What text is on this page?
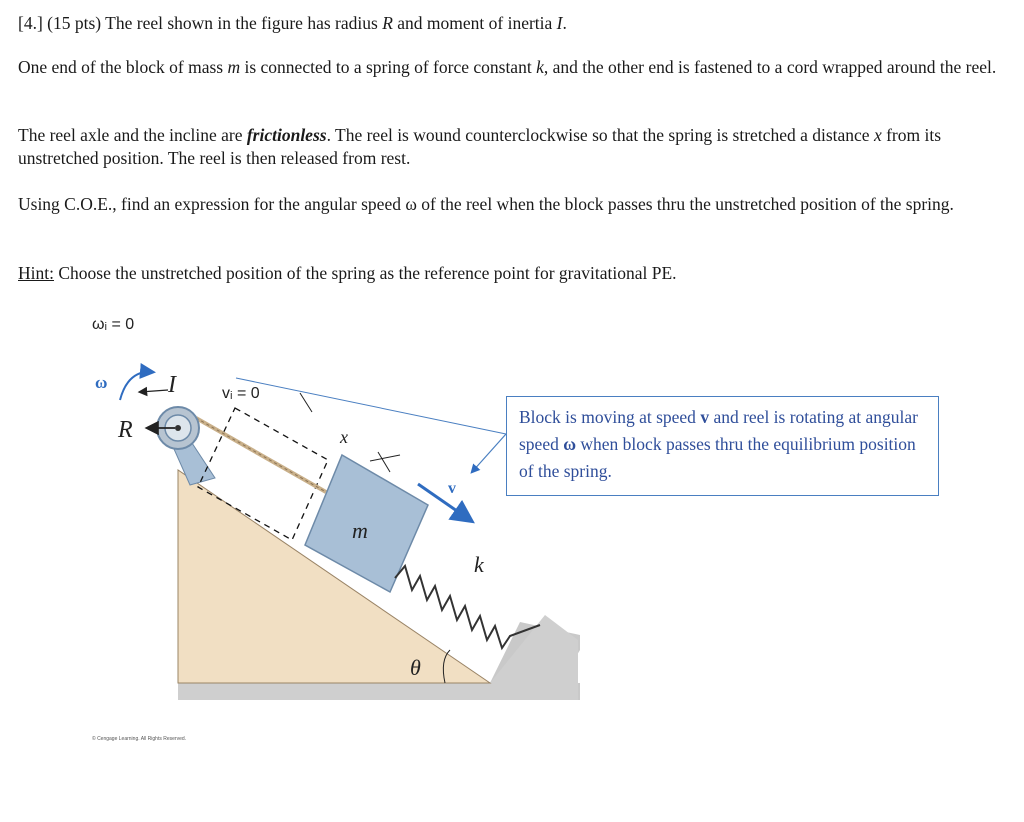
[4.] (15 pts) The reel shown in the figure has radius R and moment of inertia I.
One end of the block of mass m is connected to a spring of force constant k, and the other end is fastened to a cord wrapped around the reel.
The reel axle and the incline are frictionless. The reel is wound counterclockwise so that the spring is stretched a distance x from its unstretched position. The reel is then released from rest.
Using C.O.E., find an expression for the angular speed ω of the reel when the block passes thru the unstretched position of the spring.
Hint: Choose the unstretched position of the spring as the reference point for gravitational PE.
ωᵢ = 0
ω	I
R
vᵢ = 0
x
m
v
k
θ
© Cengage Learning. All Rights Reserved.
Block is moving at speed v and reel is rotating at angular speed ω when block passes thru the equilibrium position of the spring.
